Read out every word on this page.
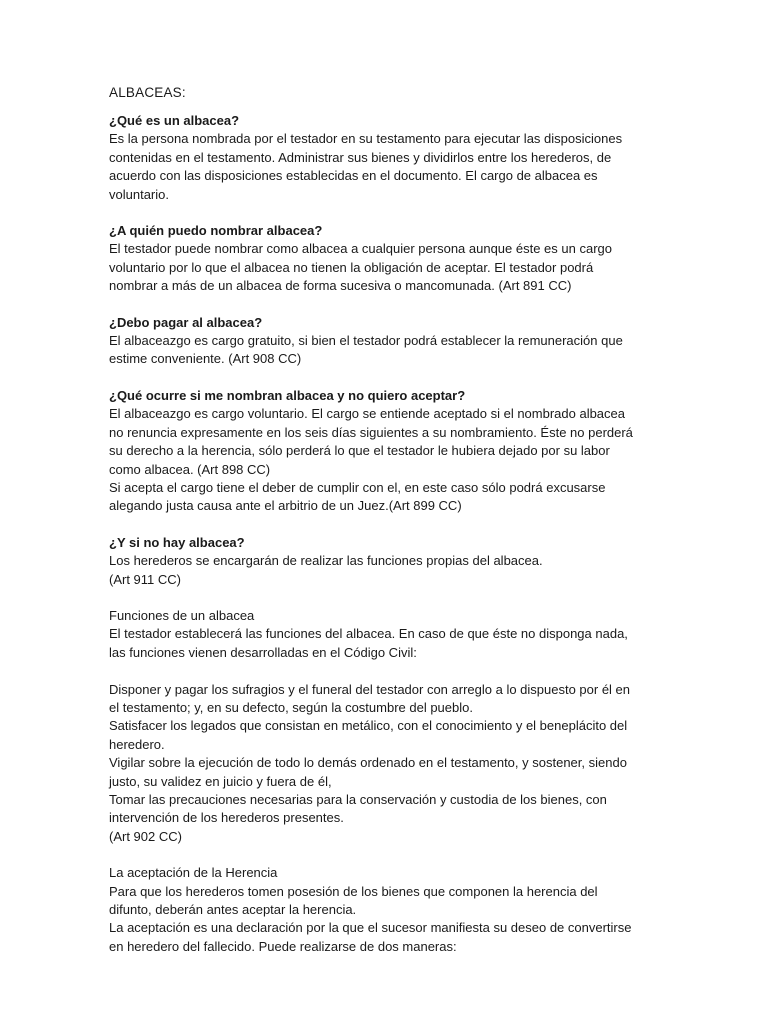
ALBACEAS:

¿Qué es un albacea?

Es la persona nombrada por el testador en su testamento para ejecutar las disposiciones contenidas en el testamento. Administrar sus bienes y dividirlos entre los herederos, de acuerdo con las disposiciones establecidas en el documento. El cargo de albacea es voluntario.

¿A quién puedo nombrar albacea?

El testador puede nombrar como albacea a cualquier persona aunque éste es un cargo voluntario por lo que el albacea no tienen la obligación de aceptar. El testador podrá nombrar a más de un albacea de forma sucesiva o mancomunada. (Art 891 CC)

¿Debo pagar al albacea?

El albaceazgo es cargo gratuito, si bien el testador podrá establecer la remuneración que estime conveniente. (Art 908 CC)

¿Qué ocurre si me nombran albacea y no quiero aceptar?

El albaceazgo es cargo voluntario. El cargo se entiende aceptado si el nombrado albacea no renuncia expresamente en los seis días siguientes a su nombramiento. Éste no perderá su derecho a la herencia, sólo perderá lo que el testador le hubiera dejado por su labor como albacea. (Art 898 CC)

Si acepta el cargo tiene el deber de cumplir con el, en este caso sólo podrá excusarse alegando justa causa ante el arbitrio de un Juez.(Art 899 CC)

¿Y si no hay albacea?

Los herederos se encargarán de realizar las funciones propias del albacea.

(Art 911 CC)

Funciones de un albacea

El testador establecerá las funciones del albacea. En caso de que éste no disponga nada, las funciones vienen desarrolladas en el Código Civil:

Disponer y pagar los sufragios y el funeral del testador con arreglo a lo dispuesto por él en el testamento; y, en su defecto, según la costumbre del pueblo.

Satisfacer los legados que consistan en metálico, con el conocimiento y el beneplácito del heredero.

Vigilar sobre la ejecución de todo lo demás ordenado en el testamento, y sostener, siendo justo, su validez en juicio y fuera de él,

Tomar las precauciones necesarias para la conservación y custodia de los bienes, con intervención de los herederos presentes.

(Art 902 CC)

La aceptación de la Herencia

Para que los herederos tomen posesión de los bienes que componen la herencia del difunto, deberán antes aceptar la herencia.

La aceptación es una declaración por la que el sucesor manifiesta su deseo de convertirse en heredero del fallecido. Puede realizarse de dos maneras:
